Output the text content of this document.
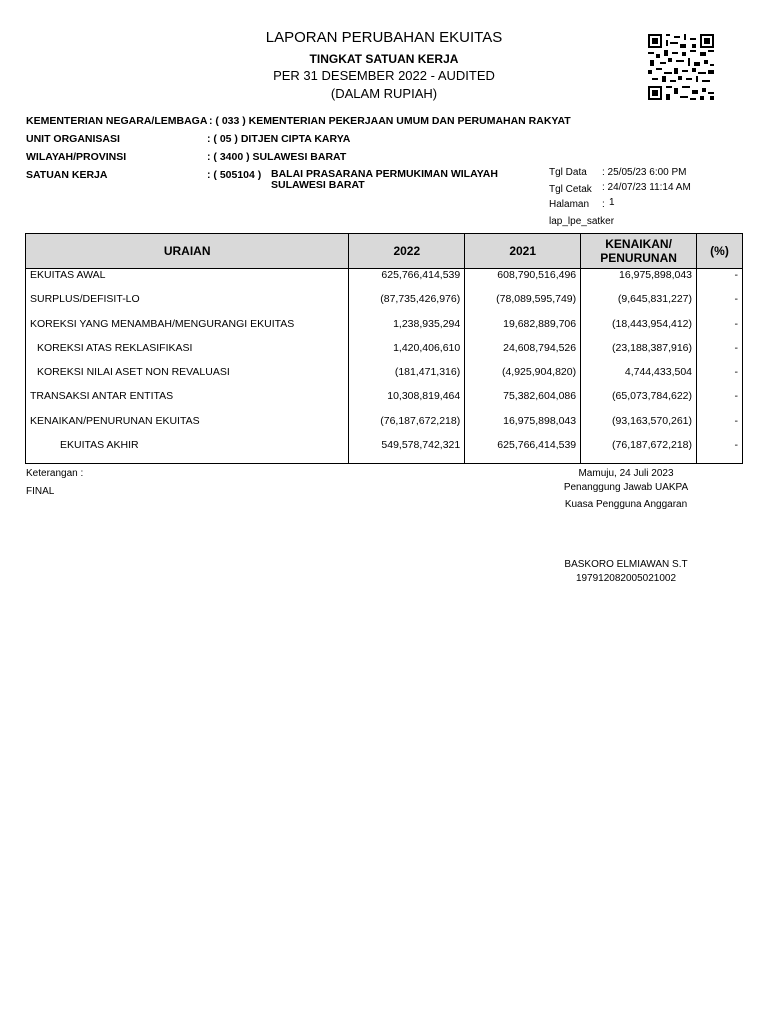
LAPORAN PERUBAHAN EKUITAS
TINGKAT SATUAN KERJA
PER 31 DESEMBER 2022 - AUDITED
(DALAM RUPIAH)
KEMENTERIAN NEGARA/LEMBAGA : ( 033 ) KEMENTERIAN PEKERJAAN UMUM DAN PERUMAHAN RAKYAT
UNIT ORGANISASI	: ( 05 ) DITJEN CIPTA KARYA
WILAYAH/PROVINSI	: ( 3400 ) SULAWESI BARAT
SATUAN KERJA	: ( 505104 ) BALAI PRASARANA PERMUKIMAN WILAYAH
SULAWESI BARAT
Tgl Data : 25/05/23 6:00 PM
Tgl Cetak : 24/07/23 11:14 AM
Halaman : 1
lap_lpe_satker
URAIAN	2022	2021	KENAIKAN/
PENURUNAN	(%)
EKUITAS AWAL	625,766,414,539	608,790,516,496	16,975,898,043	-
SURPLUS/DEFISIT-LO	(87,735,426,976)	(78,089,595,749)	(9,645,831,227)	-
KOREKSI YANG MENAMBAH/MENGURANGI EKUITAS	1,238,935,294	19,682,889,706	(18,443,954,412)	-
KOREKSI ATAS REKLASIFIKASI	1,420,406,610	24,608,794,526	(23,188,387,916)	-
KOREKSI NILAI ASET NON REVALUASI	(181,471,316)	(4,925,904,820)	4,744,433,504	-
TRANSAKSI ANTAR ENTITAS	10,308,819,464	75,382,604,086	(65,073,784,622)	-
KENAIKAN/PENURUNAN EKUITAS	(76,187,672,218)	16,975,898,043	(93,163,570,261)	-
EKUITAS AKHIR	549,578,742,321	625,766,414,539	(76,187,672,218)	-
Keterangan :
FINAL
Mamuju, 24 Juli 2023
Penanggung Jawab UAKPA
Kuasa Pengguna Anggaran
BASKORO ELMIAWAN S.T
197912082005021002
